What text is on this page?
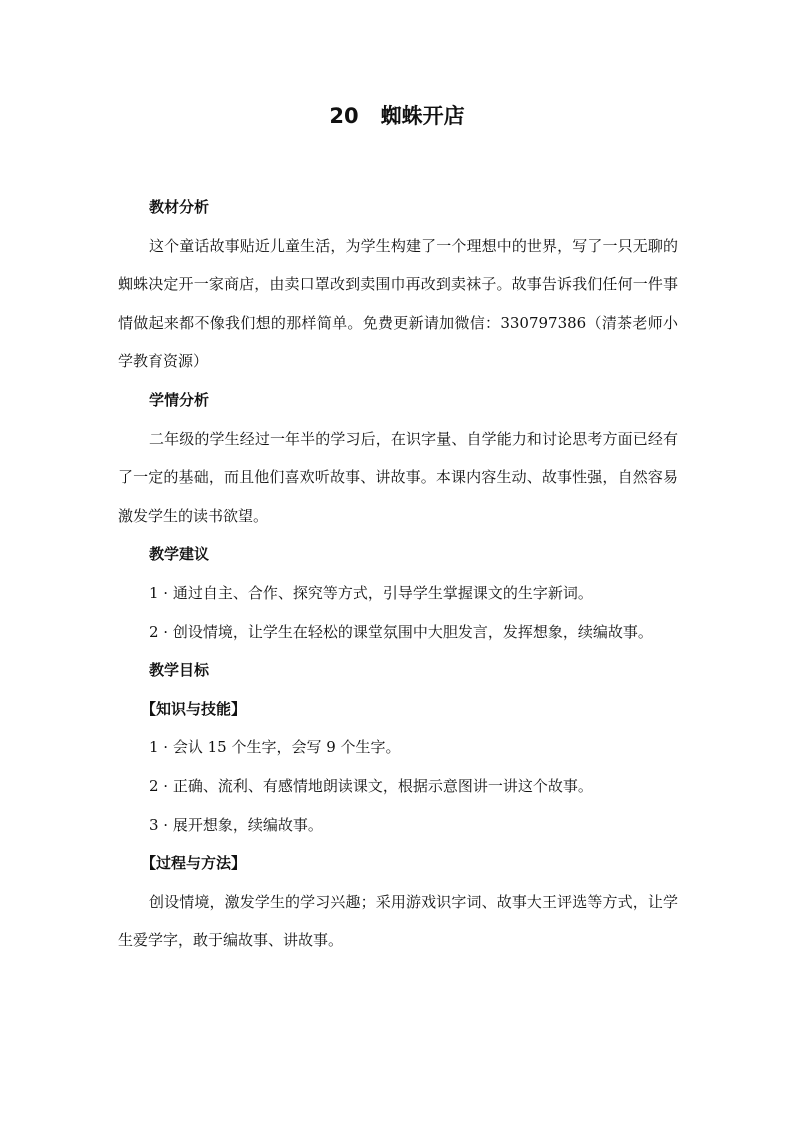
20 蜘蛛开店

教材分析

这个童话故事贴近儿童生活，为学生构建了一个理想中的世界，写了一只无聊的蜘蛛决定开一家商店，由卖口罩改到卖围巾再改到卖袜子。故事告诉我们任何一件事情做起来都不像我们想的那样简单。免费更新请加微信：330797386（清茶老师小学教育资源）

学情分析

二年级的学生经过一年半的学习后，在识字量、自学能力和讨论思考方面已经有了一定的基础，而且他们喜欢听故事、讲故事。本课内容生动、故事性强，自然容易激发学生的读书欲望。

教学建议

1 · 通过自主、合作、探究等方式，引导学生掌握课文的生字新词。

2 · 创设情境，让学生在轻松的课堂氛围中大胆发言，发挥想象，续编故事。

教学目标

【知识与技能】

1 · 会认 15 个生字，会写 9 个生字。

2 · 正确、流利、有感情地朗读课文，根据示意图讲一讲这个故事。

3 · 展开想象，续编故事。

【过程与方法】

创设情境，激发学生的学习兴趣；采用游戏识字词、故事大王评选等方式，让学生爱学字，敢于编故事、讲故事。
